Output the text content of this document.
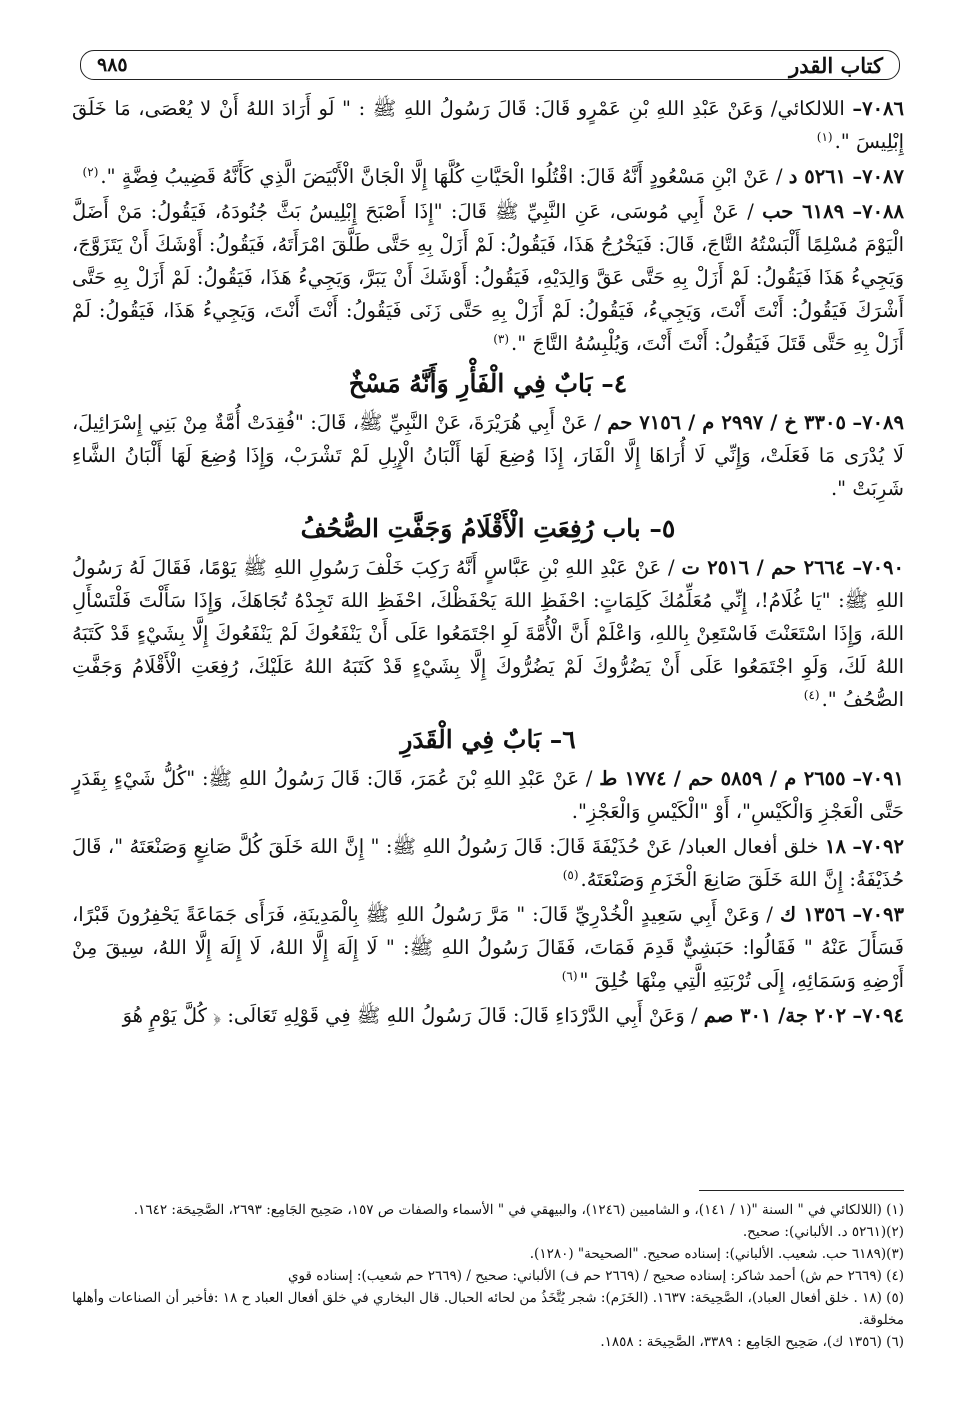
كتاب القدر
٩٨٥
٧٠٨٦– اللالكائي/ وَعَنْ عَبْدِ اللهِ بْنِ عَمْرٍو قَالَ: قَالَ رَسُولُ اللهِ ﷺ : " لَو أَرَادَ اللهُ أَنْ لا يُعْصَى، مَا خَلَقَ إِبْلِيسَ ".$^{(١)}$
٧٠٨٧– ٥٢٦١ د / عَنْ ابْنِ مَسْعُودٍ أَنَّهُ قَالَ: اقْتُلُوا الْحَيَّاتِ كُلَّهَا إِلَّا الْجَانَّ الْأَبْيَضَ الَّذِي كَأَنَّهُ قَضِيبُ فِضَّةٍ ".$^{(٢)}$
٧٠٨٨– ٦١٨٩ حب / عَنْ أَبِي مُوسَى، عَنِ النَّبِيِّ ﷺ قَالَ: "إِذَا أَصْبَحَ إِبْلِيسُ بَثَّ جُنُودَهُ، فَيَقُولُ: مَنْ أَضَلَّ الْيَوْمَ مُسْلِمًا أَلْبَسْتُهُ التَّاجَ، قَالَ: فَيَخْرُجُ هَذَا، فَيَقُولُ: لَمْ أَزَلْ بِهِ حَتَّى طَلَّقَ امْرَأَتَهُ، فَيَقُولُ: أَوْشَكَ أَنْ يَتَزَوَّجَ، وَيَجِيءُ هَذَا فَيَقُولُ: لَمْ أَزَلْ بِهِ حَتَّى عَقَّ وَالِدَيْهِ، فَيَقُولُ: أَوْشَكَ أَنْ يَبَرَّ، وَيَجِيءُ هَذَا، فَيَقُولُ: لَمْ أَزَلْ بِهِ حَتَّى أَشْرَكَ فَيَقُولُ: أَنْتَ أَنْتَ، وَيَجِيءُ، فَيَقُولُ: لَمْ أَزَلْ بِهِ حَتَّى زَنَى فَيَقُولُ: أَنْتَ أَنْتَ، وَيَجِيءُ هَذَا، فَيَقُولُ: لَمْ أَزَلْ بِهِ حَتَّى قَتَلَ فَيَقُولُ: أَنْتَ أَنْتَ، وَيُلْبِسُهُ التَّاجَ ".$^{(٣)}$
٤– بَابٌ فِي الْفَأْرِ وَأَنَّهُ مَسْخٌ
٧٠٨٩– ٣٣٠٥ خ / ٢٩٩٧ م / ٧١٥٦ حم / عَنْ أَبِي هُرَيْرَةَ، عَنْ النَّبِيِّ ﷺ، قَالَ: "فُقِدَتْ أُمَّةٌ مِنْ بَنِي إِسْرَائِيلَ، لَا يُدْرَى مَا فَعَلَتْ، وَإِنِّي لَا أُرَاهَا إِلَّا الْفَارَ، إِذَا وُضِعَ لَهَا أَلْبَانُ الْإِبِلِ لَمْ تَشْرَبْ، وَإِذَا وُضِعَ لَهَا أَلْبَانُ الشَّاءِ شَرِبَتْ ".
٥– باب رُفِعَتِ الْأَقْلَامُ وَجَفَّتِ الصُّحُفُ
٧٠٩٠– ٢٦٦٤ حم / ٢٥١٦ ت / عَنْ عَبْدِ اللهِ بْنِ عَبَّاسٍ أَنَّهُ رَكِبَ خَلْفَ رَسُولِ اللهِ ﷺ يَوْمًا، فَقَالَ لَهُ رَسُولُ اللهِ ﷺ: "يَا غُلَامُ!، إِنِّي مُعَلِّمُكَ كَلِمَاتٍ: احْفَظِ اللهَ يَحْفَظْكَ، احْفَظِ اللهَ تَجِدْهُ تُجَاهَكَ، وَإِذَا سَأَلْتَ فَلْتَسْأَلِ اللهَ، وَإِذَا اسْتَعَنْتَ فَاسْتَعِنْ بِاللهِ، وَاعْلَمْ أَنَّ الْأُمَّةَ لَوِ اجْتَمَعُوا عَلَى أَنْ يَنْفَعُوكَ لَمْ يَنْفَعُوكَ إِلَّا بِشَيْءٍ قَدْ كَتَبَهُ اللهُ لَكَ، وَلَوِ اجْتَمَعُوا عَلَى أَنْ يَضُرُّوكَ لَمْ يَضُرُّوكَ إِلَّا بِشَيْءٍ قَدْ كَتَبَهُ اللهُ عَلَيْكَ، رُفِعَتِ الْأَقْلَامُ وَجَفَّتِ الصُّحُفُ ".$^{(٤)}$
٦– بَابٌ فِي الْقَدَرِ
٧٠٩١– ٢٦٥٥ م / ٥٨٥٩ حم / ١٧٧٤ ط / عَنْ عَبْدِ اللهِ بْنَ عُمَرَ، قَالَ: قَالَ رَسُولُ اللهِ ﷺ: "كُلُّ شَيْءٍ بِقَدَرٍ حَتَّى الْعَجْزِ وَالْكَيْسِ"، أَوْ "الْكَيْسِ وَالْعَجْزِ".
٧٠٩٢– ١٨ خلق أفعال العباد/ عَنْ حُذَيْفَةَ قَالَ: قَالَ رَسُولُ اللهِ ﷺ: " إِنَّ اللهَ خَلَقَ كُلَّ صَانِعٍ وَصَنْعَتَهُ "، قَالَ حُذَيْفَةُ: إِنَّ اللهَ خَلَقَ صَانِعَ الْخَزَمِ وَصَنْعَتَهُ.$^{(٥)}$
٧٠٩٣– ١٣٥٦ ك / وَعَنْ أَبِي سَعِيدٍ الْخُدْرِيِّ قَالَ: " مَرَّ رَسُولُ اللهِ ﷺ بِالْمَدِينَةِ، فَرَأَى جَمَاعَةً يَحْفِرُونَ قَبْرًا، فَسَأَلَ عَنْهُ " فَقَالُوا: حَبَشِيٌّ قَدِمَ فَمَاتَ، فَقَالَ رَسُولُ اللهِ ﷺ: " لَا إِلَهَ إِلَّا اللهُ، لَا إِلَهَ إِلَّا اللهُ، سِيقَ مِنْ أَرْضِهِ وَسَمَائِهِ، إِلَى تُرْبَتِهِ الَّتِي مِنْهَا خُلِقَ "$^{(٦)}$
٧٠٩٤– ٢٠٢ جة/ ٣٠١ صم / وَعَنْ أَبِي الدَّرْدَاءِ قَالَ: قَالَ رَسُولُ اللهِ ﷺ فِي قَوْلِهِ تَعَالَى: ﴿ كُلَّ يَوْمٍ هُوَ
(١) (اللالكائي في " السنة "(١ / ١٤١)، و الشاميين (١٢٤٦)، والبيهقي في " الأسماء والصفات ص ١٥٧، صَحِيح الجَامِع: ٢٦٩٣، الصَّحِيحَة: ١٦٤٢.
(٢)(٥٢٦١ د. الألباني): صحيح.
(٣)(٦١٨٩ حب. شعيب. الألباني): إسناده صحيح. "الصحيحة" (١٢٨٠).
(٤) (٢٦٦٩ حم ش) أحمد شاكر: إسناده صحيح / (٢٦٦٩ حم ف) الألباني: صحيح / (٢٦٦٩ حم شعيب): إسناده قوي
(٥) (١٨ . خلق أفعال العباد)، الصَّحِيحَة: ١٦٣٧. (الخَزَم): شجر يُتَّخَذُ من لحائه الحبال. قال البخاري في خلق أفعال العباد ح ١٨ :فأخبر أن الصناعات وأهلها مخلوقة.
(٦) (١٣٥٦ ك)، صَحِيح الجَامِع : ٣٣٨٩، الصَّحِيحَة : ١٨٥٨.
